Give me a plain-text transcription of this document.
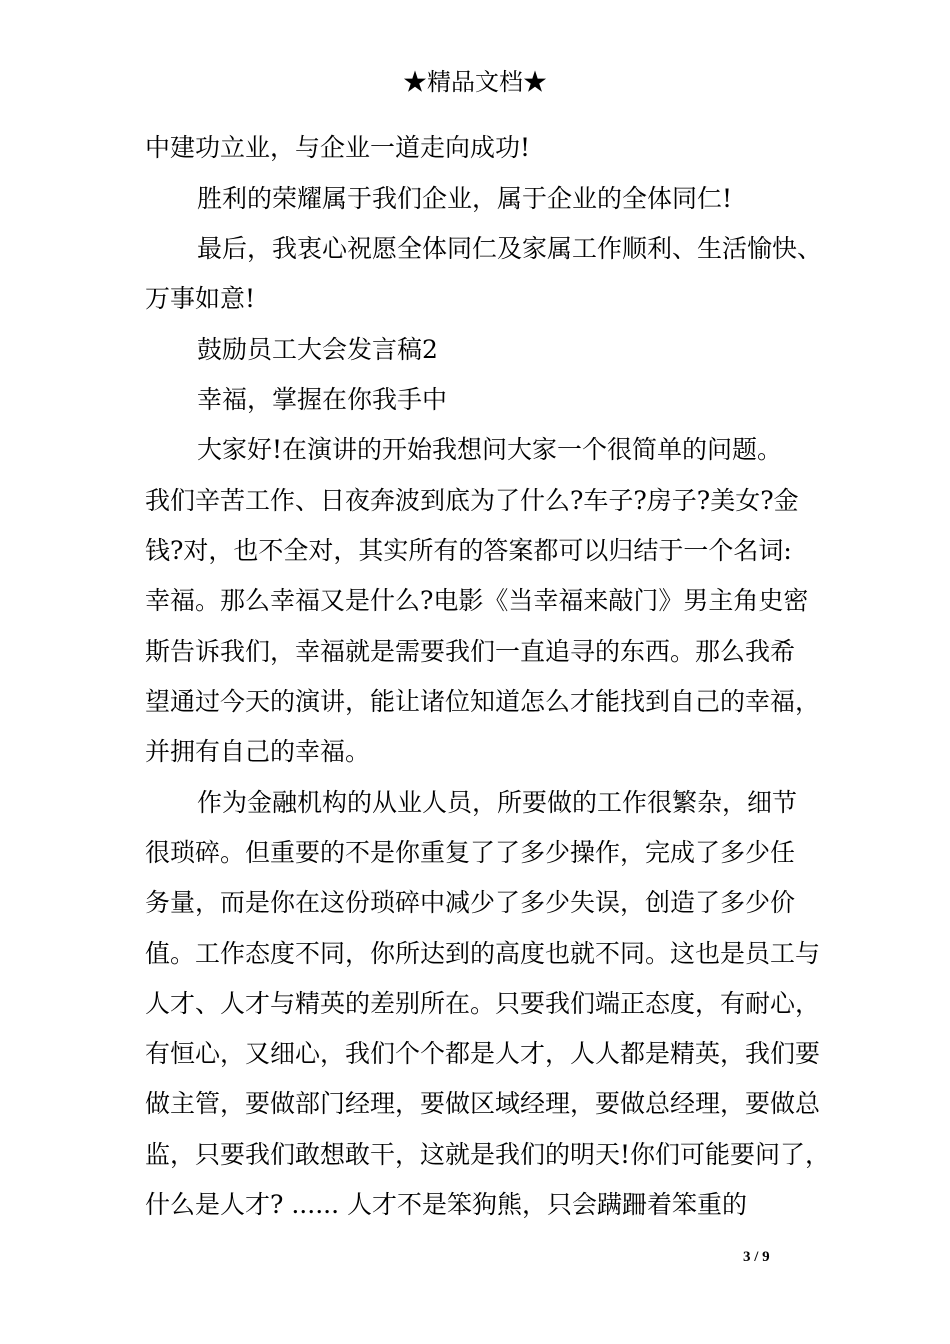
★精品文档★
中建功立业，与企业一道走向成功!
胜利的荣耀属于我们企业，属于企业的全体同仁!
最后，我衷心祝愿全体同仁及家属工作顺利、生活愉快、
万事如意!
鼓励员工大会发言稿2
幸福，掌握在你我手中
大家好!在演讲的开始我想问大家一个很简单的问题。
我们辛苦工作、日夜奔波到底为了什么?车子?房子?美女?金
钱?对，也不全对，其实所有的答案都可以归结于一个名词:
幸福。那么幸福又是什么?电影《当幸福来敲门》男主角史密
斯告诉我们，幸福就是需要我们一直追寻的东西。那么我希
望通过今天的演讲，能让诸位知道怎么才能找到自己的幸福，
并拥有自己的幸福。
作为金融机构的从业人员，所要做的工作很繁杂，细节
很琐碎。但重要的不是你重复了了多少操作，完成了多少任
务量，而是你在这份琐碎中减少了多少失误，创造了多少价
值。工作态度不同，你所达到的高度也就不同。这也是员工与
人才、人才与精英的差别所在。只要我们端正态度，有耐心，
有恒心，又细心，我们个个都是人才，人人都是精英，我们要
做主管，要做部门经理，要做区域经理，要做总经理，要做总
监，只要我们敢想敢干，这就是我们的明天!你们可能要问了，
什么是人才? ...... 人才不是笨狗熊，只会蹒跚着笨重的
3 / 9
